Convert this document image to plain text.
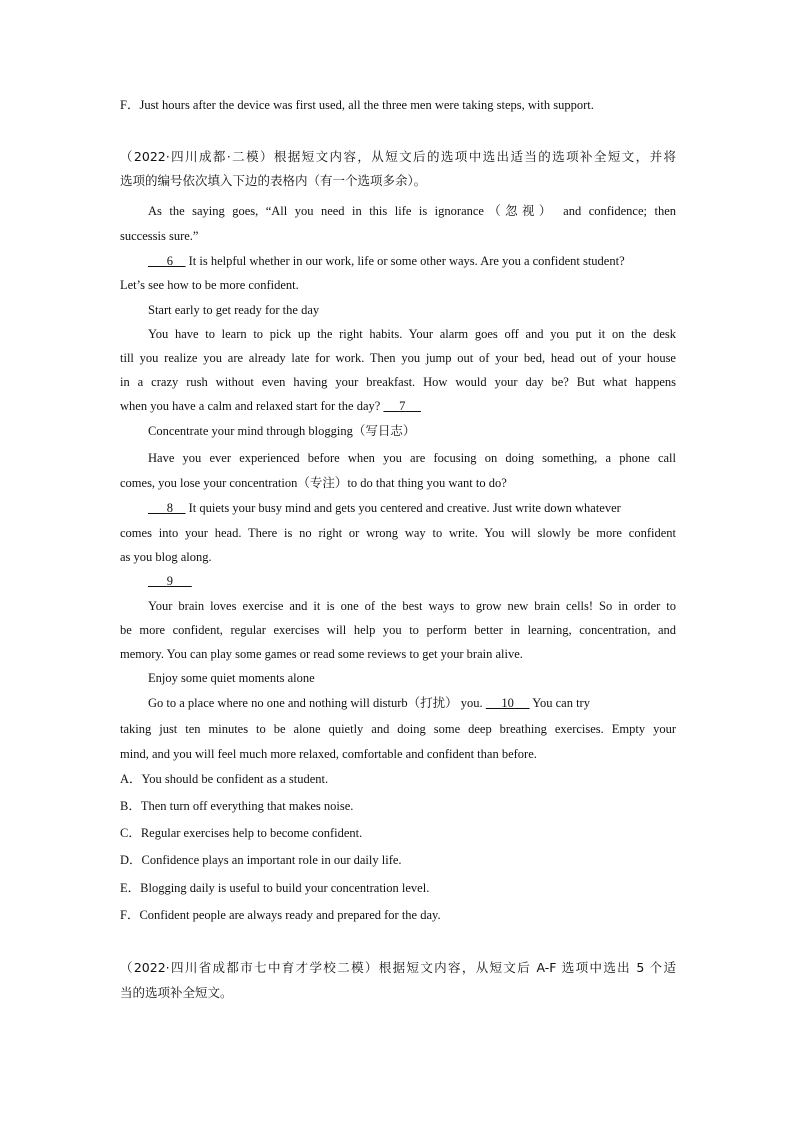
F．Just hours after the device was first used, all the three men were taking steps, with support.
（2022·四川成都·二模）根据短文内容，从短文后的选项中选出适当的选项补全短文，并将
选项的编号依次填入下边的表格内（有一个选项多余）。
As the saying goes, “All you need in this life is ignorance（忽视） and confidence; then
successis sure.”
6     It is helpful whether in our work, life or some other ways. Are you a confident student?
Let’s see how to be more confident.
Start early to get ready for the day
You have to learn to pick up the right habits. Your alarm goes off and you put it on the desk
till you realize you are already late for work. Then you jump out of your bed, head out of your house
in a crazy rush without even having your breakfast. How would your day be? But what happens
when you have a calm and relaxed start for the day?      7
Concentrate your mind through blogging（写日志）
Have you ever experienced before when you are focusing on doing something, a phone call
comes, you lose your concentration（专注）to do that thing you want to do?
8     It quiets your busy mind and gets you centered and creative. Just write down whatever
comes into your head. There is no right or wrong way to write. You will slowly be more confident
as you blog along.
9
Your brain loves exercise and it is one of the best ways to grow new brain cells! So in order to
be more confident, regular exercises will help you to perform better in learning, concentration, and
memory. You can play some games or read some reviews to get your brain alive.
Enjoy some quiet moments alone
Go to a place where no one and nothing will disturb（打扰） you.      10      You can try
taking just ten minutes to be alone quietly and doing some deep breathing exercises. Empty your
mind, and you will feel much more relaxed, comfortable and confident than before.
A．You should be confident as a student.
B．Then turn off everything that makes noise.
C．Regular exercises help to become confident.
D．Confidence plays an important role in our daily life.
E．Blogging daily is useful to build your concentration level.
F．Confident people are always ready and prepared for the day.
（2022·四川省成都市七中育才学校二模）根据短文内容，从短文后 A-F 选项中选出 5 个适
当的选项补全短文。
